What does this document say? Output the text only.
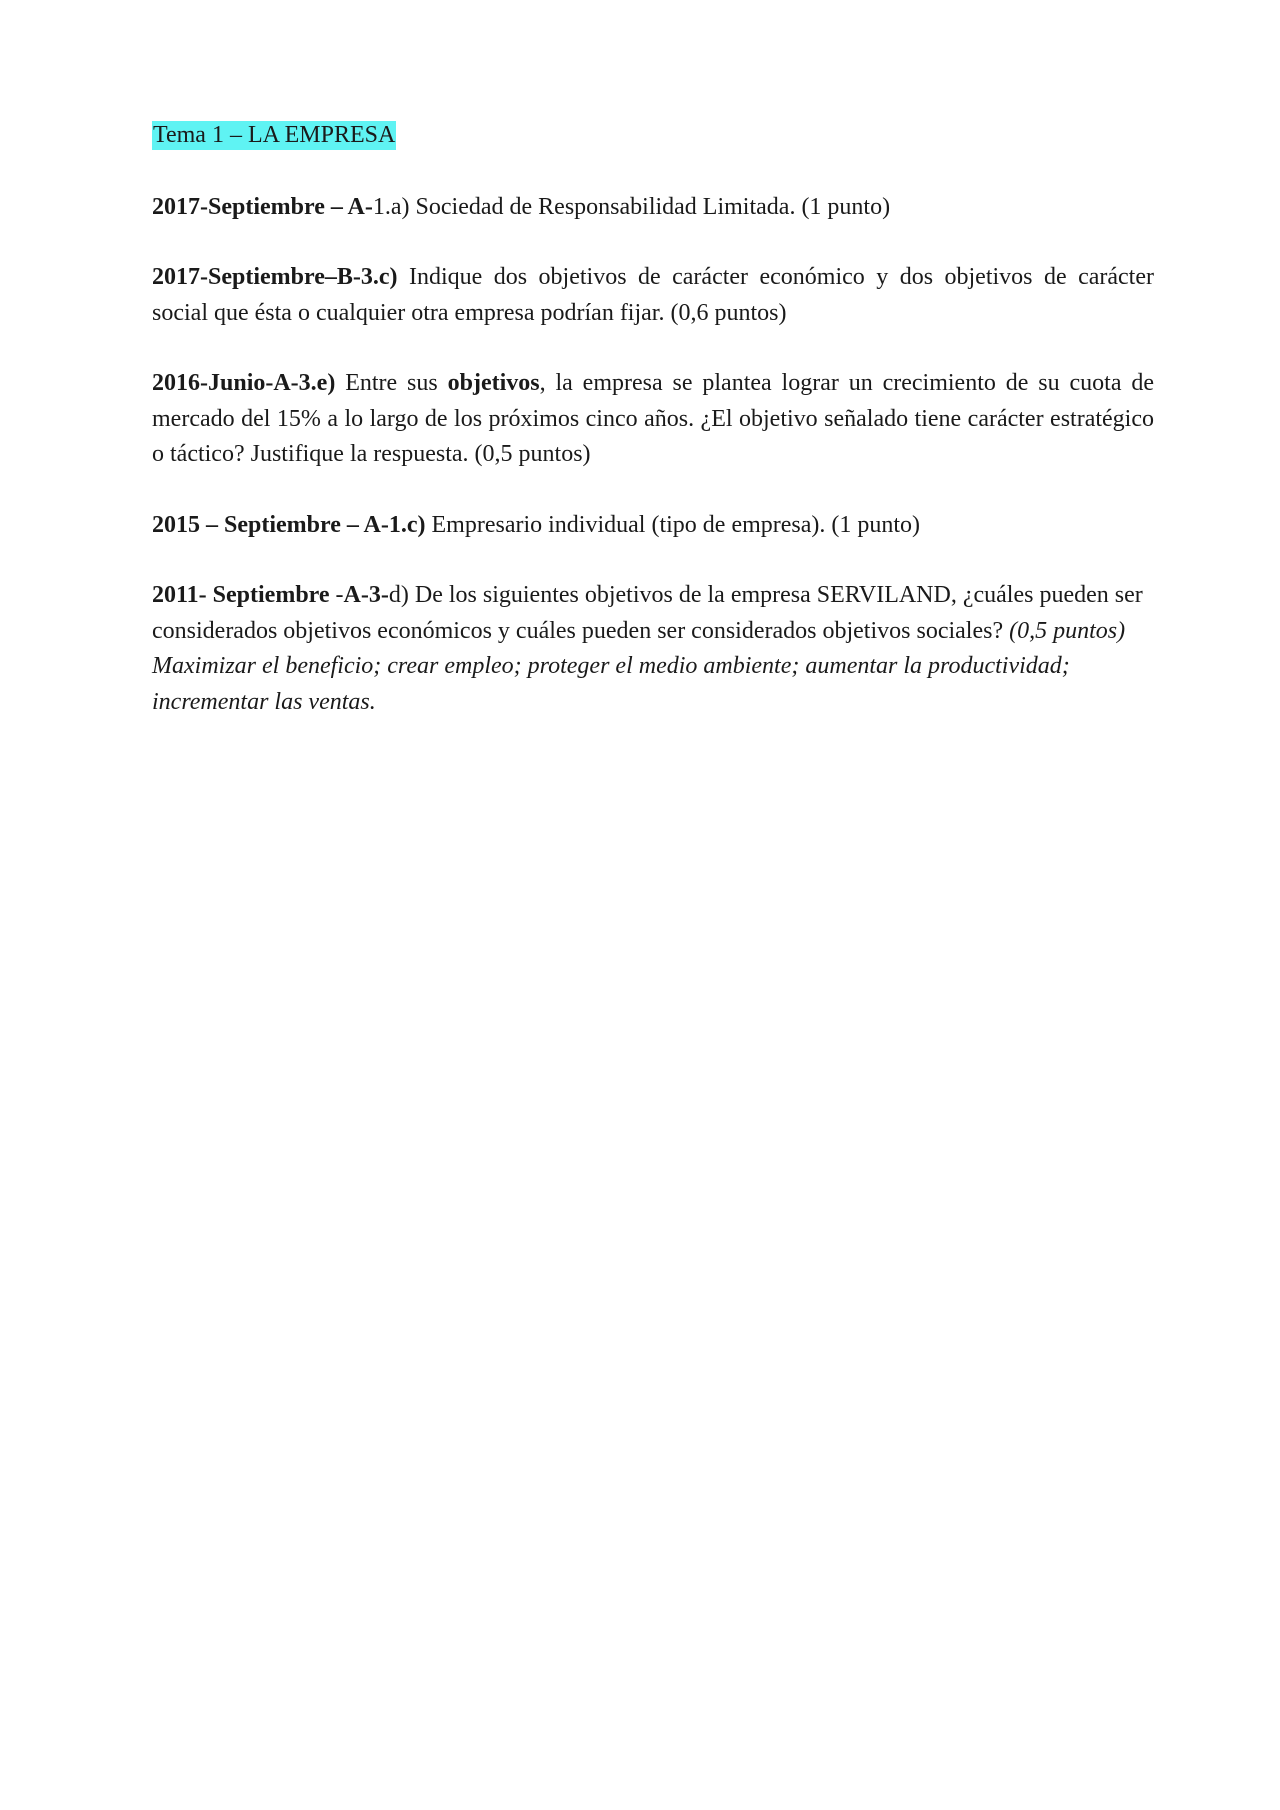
Tema 1 – LA EMPRESA

2017-Septiembre – A-1.a) Sociedad de Responsabilidad Limitada. (1 punto)

2017-Septiembre–B-3.c) Indique dos objetivos de carácter económico y dos objetivos de carácter social que ésta o cualquier otra empresa podrían fijar. (0,6 puntos)

2016-Junio-A-3.e) Entre sus objetivos, la empresa se plantea lograr un crecimiento de su cuota de mercado del 15% a lo largo de los próximos cinco años. ¿El objetivo señalado tiene carácter estratégico o táctico? Justifique la respuesta. (0,5 puntos)

2015 – Septiembre – A-1.c) Empresario individual (tipo de empresa). (1 punto)

2011- Septiembre -A-3-d) De los siguientes objetivos de la empresa SERVILAND, ¿cuáles pueden ser considerados objetivos económicos y cuáles pueden ser considerados objetivos sociales? (0,5 puntos)
Maximizar el beneficio; crear empleo; proteger el medio ambiente; aumentar la productividad; incrementar las ventas.
